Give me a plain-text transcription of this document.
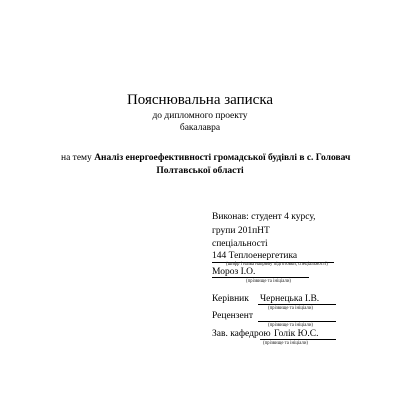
Пояснювальна записка
до дипломного проекту
бакалавра
на тему Аналіз енергоефективності громадської будівлі в с. Головач
Полтавської області
Виконав: студент 4 курсу,
групи 201пНТ
спеціальності
144 Теплоенергетика
(шифр і назва напряму підготовки, спеціальності)
Мороз І.О.
(прізвище та ініціали)
Керівник Чернецька І.В.
(прізвище та ініціали)
Рецензент
(прізвище та ініціали)
Зав. кафедрою Голік Ю.С.
(прізвище та ініціали)
